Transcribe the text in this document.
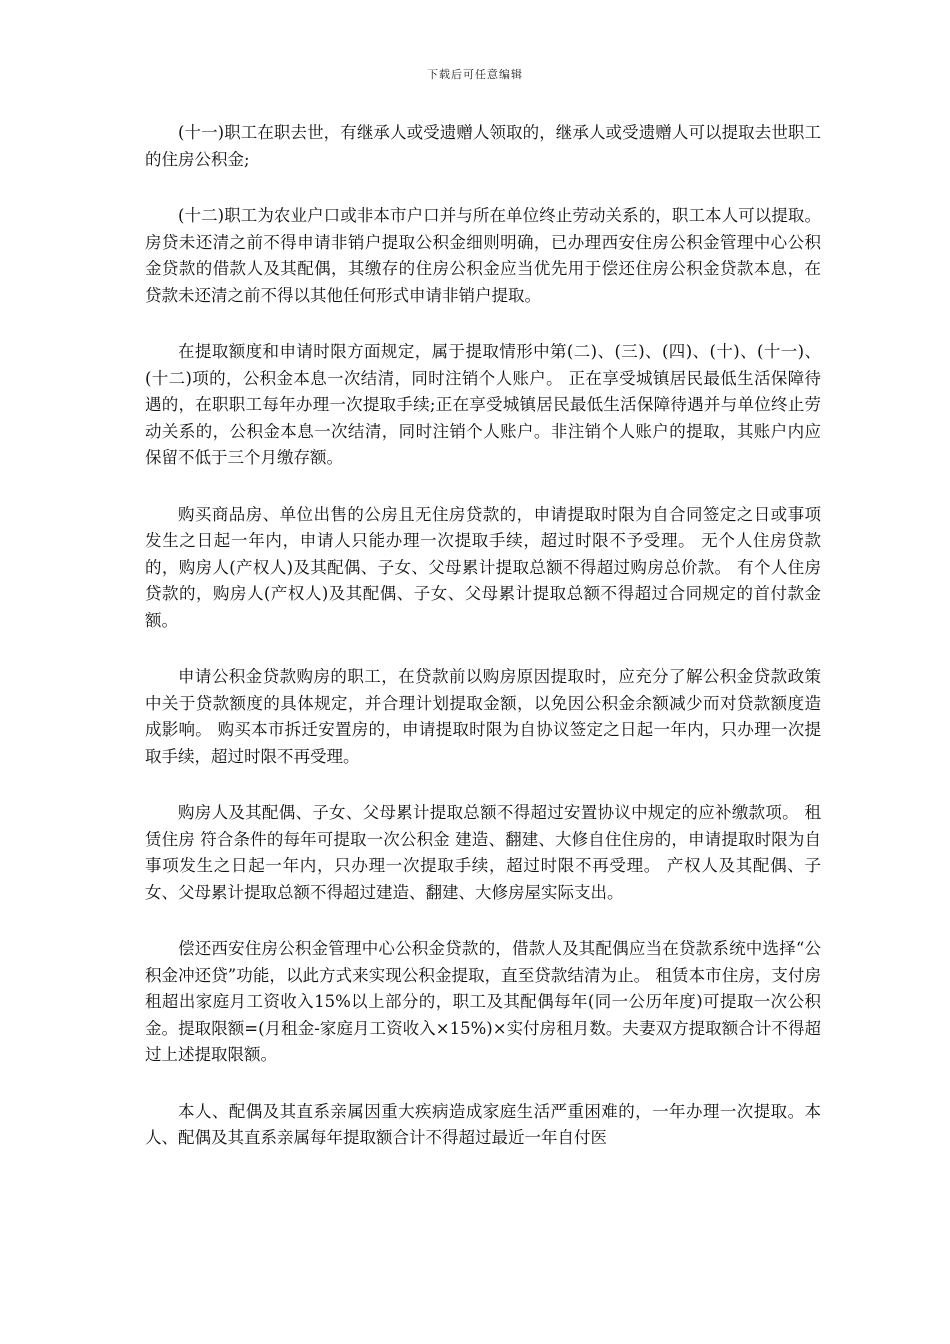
下载后可任意编辑

(十一)职工在职去世，有继承人或受遗赠人领取的，继承人或受遗赠人可以提取去世职工的住房公积金;

(十二)职工为农业户口或非本市户口并与所在单位终止劳动关系的，职工本人可以提取。 房贷未还清之前不得申请非销户提取公积金细则明确，已办理西安住房公积金管理中心公积金贷款的借款人及其配偶，其缴存的住房公积金应当优先用于偿还住房公积金贷款本息，在贷款未还清之前不得以其他任何形式申请非销户提取。

在提取额度和申请时限方面规定，属于提取情形中第(二)、(三)、(四)、(十)、(十一)、(十二)项的，公积金本息一次结清，同时注销个人账户。 正在享受城镇居民最低生活保障待遇的，在职职工每年办理一次提取手续;正在享受城镇居民最低生活保障待遇并与单位终止劳动关系的，公积金本息一次结清，同时注销个人账户。非注销个人账户的提取，其账户内应保留不低于三个月缴存额。

购买商品房、单位出售的公房且无住房贷款的，申请提取时限为自合同签定之日或事项发生之日起一年内，申请人只能办理一次提取手续，超过时限不予受理。 无个人住房贷款的，购房人(产权人)及其配偶、子女、父母累计提取总额不得超过购房总价款。 有个人住房贷款的，购房人(产权人)及其配偶、子女、父母累计提取总额不得超过合同规定的首付款金额。

申请公积金贷款购房的职工，在贷款前以购房原因提取时，应充分了解公积金贷款政策中关于贷款额度的具体规定，并合理计划提取金额，以免因公积金余额减少而对贷款额度造成影响。 购买本市拆迁安置房的，申请提取时限为自协议签定之日起一年内，只办理一次提取手续，超过时限不再受理。

购房人及其配偶、子女、父母累计提取总额不得超过安置协议中规定的应补缴款项。 租赁住房 符合条件的每年可提取一次公积金 建造、翻建、大修自住住房的，申请提取时限为自事项发生之日起一年内，只办理一次提取手续，超过时限不再受理。 产权人及其配偶、子女、父母累计提取总额不得超过建造、翻建、大修房屋实际支出。

偿还西安住房公积金管理中心公积金贷款的，借款人及其配偶应当在贷款系统中选择“公积金冲还贷”功能，以此方式来实现公积金提取，直至贷款结清为止。 租赁本市住房，支付房租超出家庭月工资收入15%以上部分的，职工及其配偶每年(同一公历年度)可提取一次公积金。提取限额=(月租金-家庭月工资收入×15%)×实付房租月数。夫妻双方提取额合计不得超过上述提取限额。

本人、配偶及其直系亲属因重大疾病造成家庭生活严重困难的，一年办理一次提取。本人、配偶及其直系亲属每年提取额合计不得超过最近一年自付医
